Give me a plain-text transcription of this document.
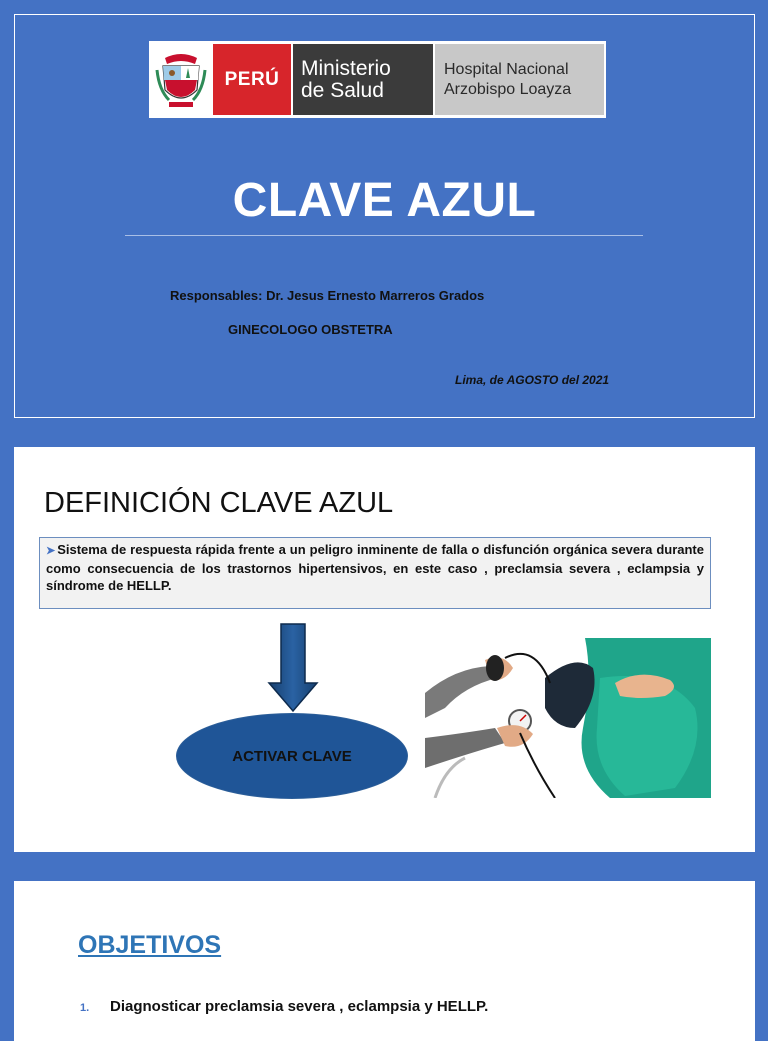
PERÚ	Ministerio
de Salud
Hospital Nacional
Arzobispo Loayza
CLAVE AZUL
Responsables: Dr. Jesus Ernesto Marreros Grados
GINECOLOGO OBSTETRA
Lima, de AGOSTO del 2021
DEFINICIÓN CLAVE AZUL
➤ Sistema de respuesta rápida frente a un peligro inminente de falla o disfunción orgánica severa durante como consecuencia de los trastornos hipertensivos, en este caso , preclamsia severa , eclampsia y síndrome de HELLP.
ACTIVAR CLAVE
OBJETIVOS
1. Diagnosticar preclamsia severa , eclampsia y HELLP.
